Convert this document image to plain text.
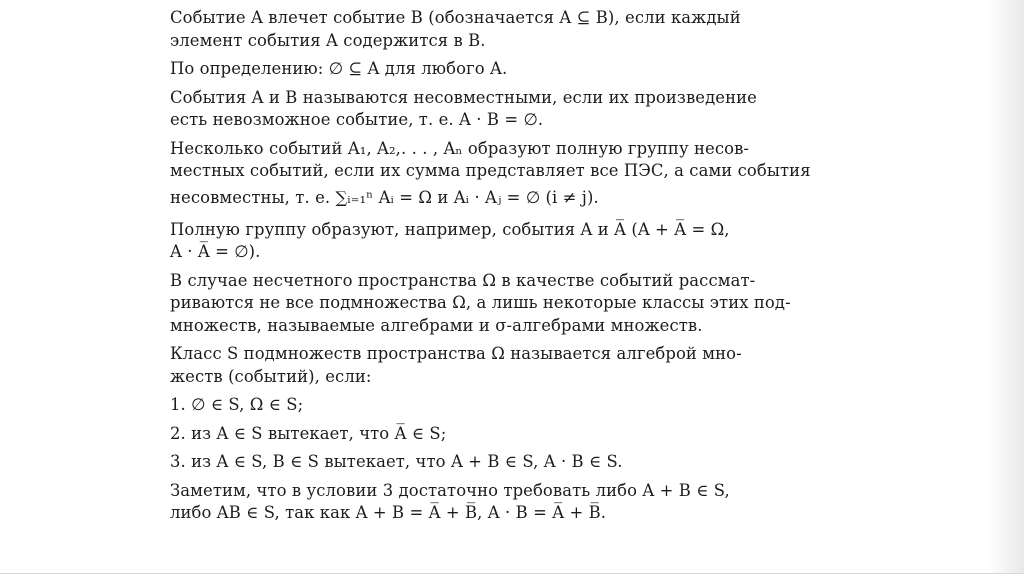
Событие A влечет событие B (обозначается A ⊆ B), если каждый
элемент события A содержится в B.
По определению: ∅ ⊆ A для любого A.
События A и B называются несовместными, если их произведение
есть невозможное событие, т. е. A · B = ∅.
Несколько событий A₁, A₂,. . . , Aₙ образуют полную группу несов-
местных событий, если их сумма представляет все ПЭС, а сами события
несовместны, т. е. ∑ᵢ₌₁ⁿ Aᵢ = Ω и Aᵢ · Aⱼ = ∅ (i ≠ j).
Полную группу образуют, например, события A и A̅ (A + A̅ = Ω,
A · A̅ = ∅).
В случае несчетного пространства Ω в качестве событий рассмат-
риваются не все подмножества Ω, а лишь некоторые классы этих под-
множеств, называемые алгебрами и σ-алгебрами множеств.
Класс S подмножеств пространства Ω называется алгеброй мно-
жеств (событий), если:
1. ∅ ∈ S, Ω ∈ S;
2. из A ∈ S вытекает, что A̅ ∈ S;
3. из A ∈ S, B ∈ S вытекает, что A + B ∈ S, A · B ∈ S.
Заметим, что в условии 3 достаточно требовать либо A + B ∈ S,
либо AB ∈ S, так как A + B = A̅ + B̅, A · B = A̅ + B̅.
